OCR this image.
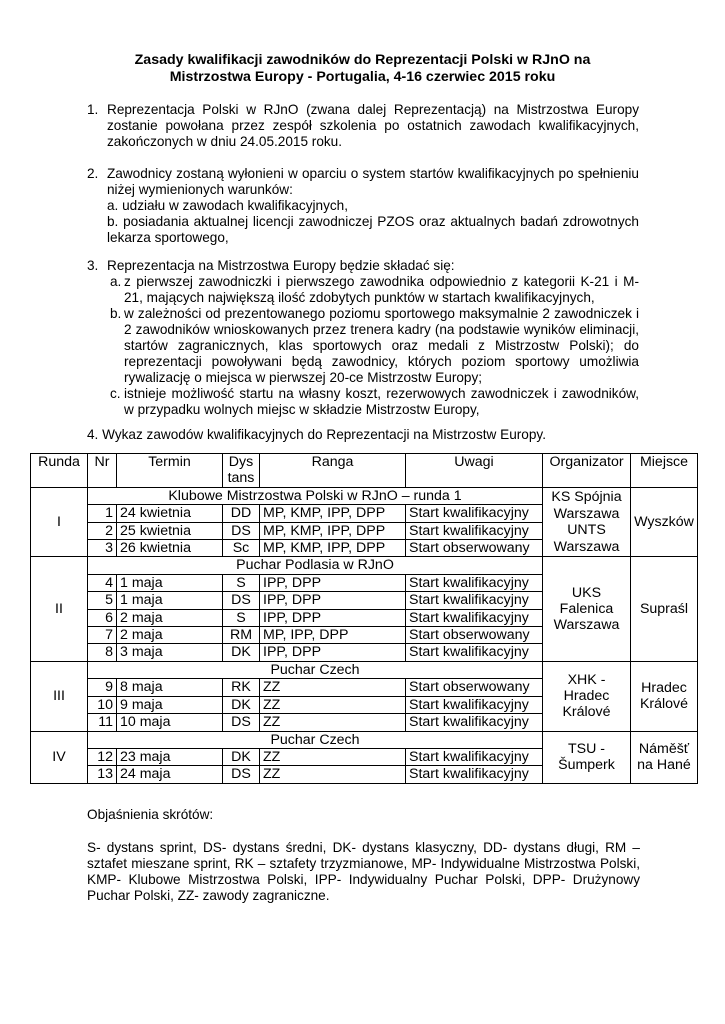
Zasady kwalifikacji zawodników do Reprezentacji Polski w RJnO na
Mistrzostwa Europy - Portugalia, 4-16 czerwiec 2015 roku
1. Reprezentacja Polski w RJnO (zwana dalej Reprezentacją) na Mistrzostwa Europy zostanie powołana przez zespół szkolenia po ostatnich zawodach kwalifikacyjnych, zakończonych w dniu 24.05.2015 roku.
2. Zawodnicy zostaną wyłonieni w oparciu o system startów kwalifikacyjnych po spełnieniu niżej wymienionych warunków:
a. udziału w zawodach kwalifikacyjnych,
b. posiadania aktualnej licencji zawodniczej PZOS oraz aktualnych badań zdrowotnych lekarza sportowego,
3. Reprezentacja na Mistrzostwa Europy będzie składać się:
a. z pierwszej zawodniczki i pierwszego zawodnika odpowiednio z kategorii K-21 i M-21, mających największą ilość zdobytych punktów w startach kwalifikacyjnych,
b. w zależności od prezentowanego poziomu sportowego maksymalnie 2 zawodniczek i 2 zawodników wnioskowanych przez trenera kadry (na podstawie wyników eliminacji, startów zagranicznych, klas sportowych oraz medali z Mistrzostw Polski); do reprezentacji powoływani będą zawodnicy, których poziom sportowy umożliwia rywalizację o miejsca w pierwszej 20-ce Mistrzostw Europy;
c. istnieje możliwość startu na własny koszt, rezerwowych zawodniczek i zawodników, w przypadku wolnych miejsc w składzie Mistrzostw Europy,
4. Wykaz zawodów kwalifikacyjnych do Reprezentacji na Mistrzostw Europy.
Runda	Nr	Termin	Dys tans	Ranga	Uwagi	Organizator	Miejsce
I	Klubowe Mistrzostwa Polski w RJnO – runda 1					KS Spójnia Warszawa UNTS Warszawa	Wyszków
	1	24 kwietnia	DD	MP, KMP, IPP, DPP	Start kwalifikacyjny		
	2	25 kwietnia	DS	MP, KMP, IPP, DPP	Start kwalifikacyjny		
	3	26 kwietnia	Sc	MP, KMP, IPP, DPP	Start obserwowany		
II	Puchar Podlasia w RJnO					UKS Falenica Warszawa	Supraśl
	4	1 maja	S	IPP, DPP	Start kwalifikacyjny		
	5	1 maja	DS	IPP, DPP	Start kwalifikacyjny		
	6	2 maja	S	IPP, DPP	Start kwalifikacyjny		
	7	2 maja	RM	MP, IPP, DPP	Start obserwowany		
	8	3 maja	DK	IPP, DPP	Start kwalifikacyjny		
III	Puchar Czech					XHK - Hradec Králové	Hradec Králové
	9	8 maja	RK	ZZ	Start obserwowany		
	10	9 maja	DK	ZZ	Start kwalifikacyjny		
	11	10 maja	DS	ZZ	Start kwalifikacyjny		
IV	Puchar Czech					TSU - Šumperk	Náměšť na Hané
	12	23 maja	DK	ZZ	Start kwalifikacyjny		
	13	24 maja	DS	ZZ	Start kwalifikacyjny		
Objaśnienia skrótów:
S- dystans sprint, DS- dystans średni, DK- dystans klasyczny, DD- dystans długi, RM – sztafet mieszane sprint, RK – sztafety trzyzmianowe, MP- Indywidualne Mistrzostwa Polski, KMP- Klubowe Mistrzostwa Polski, IPP- Indywidualny Puchar Polski, DPP- Drużynowy Puchar Polski, ZZ- zawody zagraniczne.
